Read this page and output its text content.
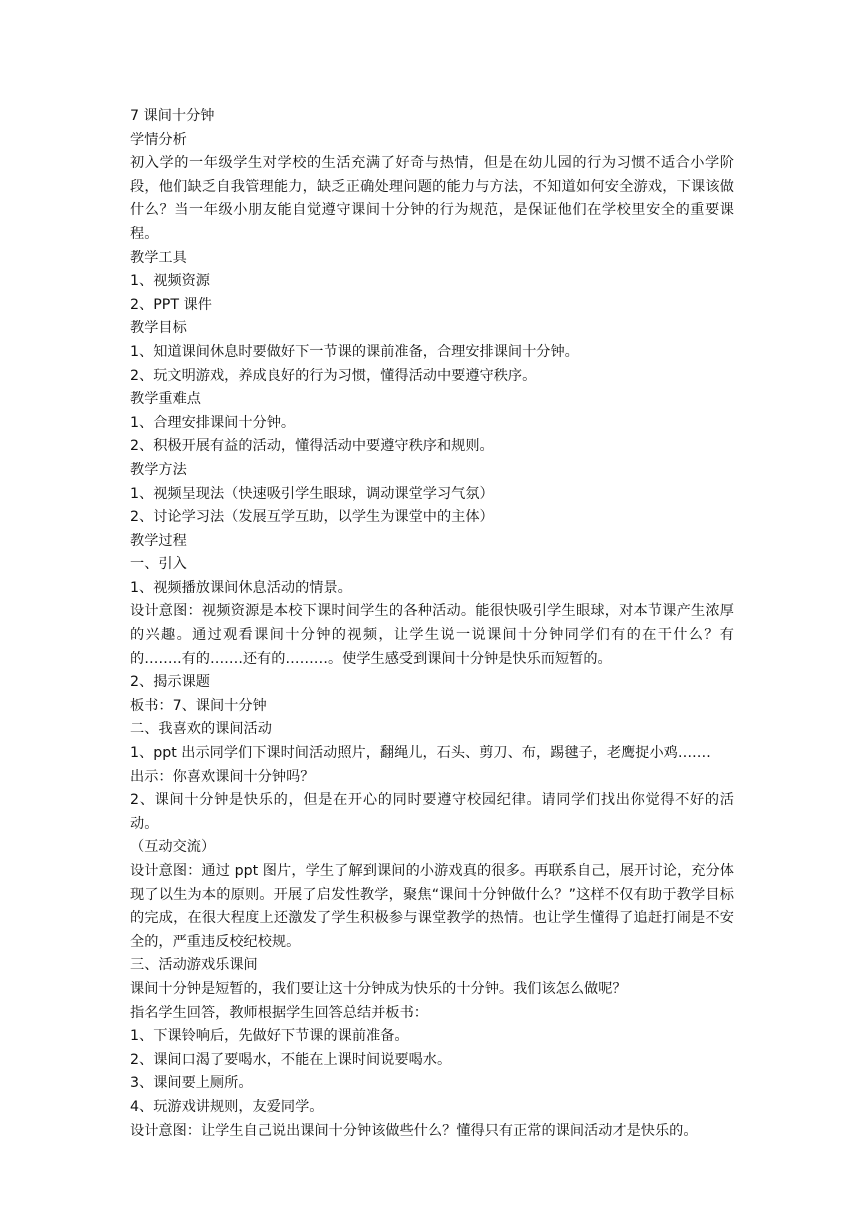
7 课间十分钟
学情分析
初入学的一年级学生对学校的生活充满了好奇与热情，但是在幼儿园的行为习惯不适合小学阶段，他们缺乏自我管理能力，缺乏正确处理问题的能力与方法，不知道如何安全游戏，下课该做什么？当一年级小朋友能自觉遵守课间十分钟的行为规范，是保证他们在学校里安全的重要课程。
教学工具
1、视频资源
2、PPT 课件
教学目标
1、知道课间休息时要做好下一节课的课前准备，合理安排课间十分钟。
2、玩文明游戏，养成良好的行为习惯，懂得活动中要遵守秩序。
教学重难点
1、合理安排课间十分钟。
2、积极开展有益的活动，懂得活动中要遵守秩序和规则。
教学方法
1、视频呈现法（快速吸引学生眼球，调动课堂学习气氛）
2、讨论学习法（发展互学互助，以学生为课堂中的主体）
教学过程
一、引入
1、视频播放课间休息活动的情景。
设计意图：视频资源是本校下课时间学生的各种活动。能很快吸引学生眼球，对本节课产生浓厚的兴趣。通过观看课间十分钟的视频，让学生说一说课间十分钟同学们有的在干什么？有的……..有的…….还有的………。使学生感受到课间十分钟是快乐而短暂的。
2、揭示课题
板书：7、课间十分钟
二、我喜欢的课间活动
1、ppt 出示同学们下课时间活动照片，翻绳儿，石头、剪刀、布，踢毽子，老鹰捉小鸡…….
出示：你喜欢课间十分钟吗？
2、课间十分钟是快乐的，但是在开心的同时要遵守校园纪律。请同学们找出你觉得不好的活动。
（互动交流）
设计意图：通过 ppt 图片，学生了解到课间的小游戏真的很多。再联系自己，展开讨论，充分体现了以生为本的原则。开展了启发性教学，聚焦“课间十分钟做什么？”这样不仅有助于教学目标的完成，在很大程度上还激发了学生积极参与课堂教学的热情。也让学生懂得了追赶打闹是不安全的，严重违反校纪校规。
三、活动游戏乐课间
课间十分钟是短暂的，我们要让这十分钟成为快乐的十分钟。我们该怎么做呢？
指名学生回答，教师根据学生回答总结并板书：
1、下课铃响后，先做好下节课的课前准备。
2、课间口渴了要喝水，不能在上课时间说要喝水。
3、课间要上厕所。
4、玩游戏讲规则，友爱同学。
设计意图：让学生自己说出课间十分钟该做些什么？懂得只有正常的课间活动才是快乐的。
